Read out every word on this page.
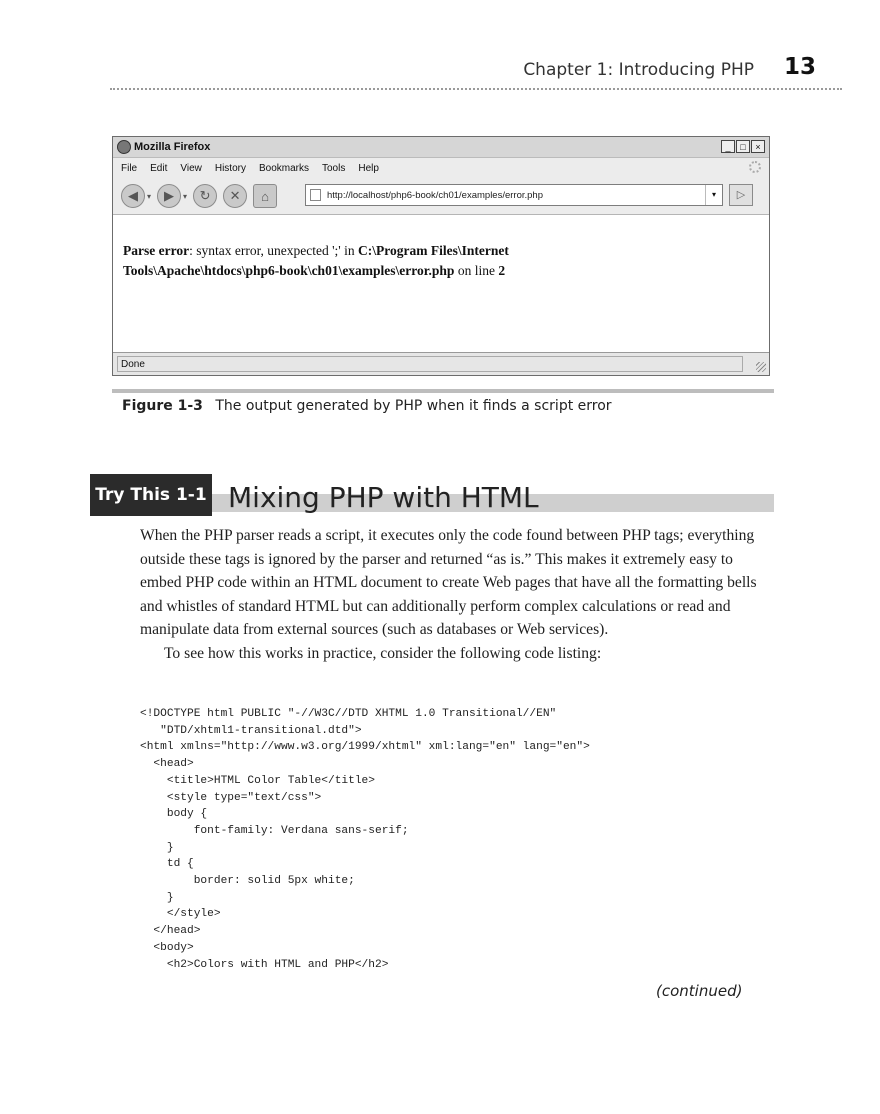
Chapter 1: Introducing PHP 13
Mozilla Firefox	_	□	×
File Edit View History Bookmarks Tools Help
◀	▾	▶	▾ ↻	✕	⌂	http://localhost/php6-book/ch01/examples/error.php	▾	▷
Parse error: syntax error, unexpected ';' in C:\Program Files\Internet
Tools\Apache\htdocs\php6-book\ch01\examples\error.php on line 2
Done
Figure 1-3 The output generated by PHP when it finds a script error
Try This 1-1 Mixing PHP with HTML

When the PHP parser reads a script, it executes only the code found between PHP tags; everything outside these tags is ignored by the parser and returned “as is.” This makes it extremely easy to embed PHP code within an HTML document to create Web pages that have all the formatting bells and whistles of standard HTML but can additionally perform complex calculations or read and manipulate data from external sources (such as databases or Web services).

To see how this works in practice, consider the following code listing:

<!DOCTYPE html PUBLIC "-//W3C//DTD XHTML 1.0 Transitional//EN"
"DTD/xhtml1-transitional.dtd">
<html xmlns="http://www.w3.org/1999/xhtml" xml:lang="en" lang="en">
<head>
<title>HTML Color Table</title>
<style type="text/css">
body {
font-family: Verdana sans-serif;
}
td {
border: solid 5px white;
}
</style>
</head>
<body>
<h2>Colors with HTML and PHP</h2>
(continued)
